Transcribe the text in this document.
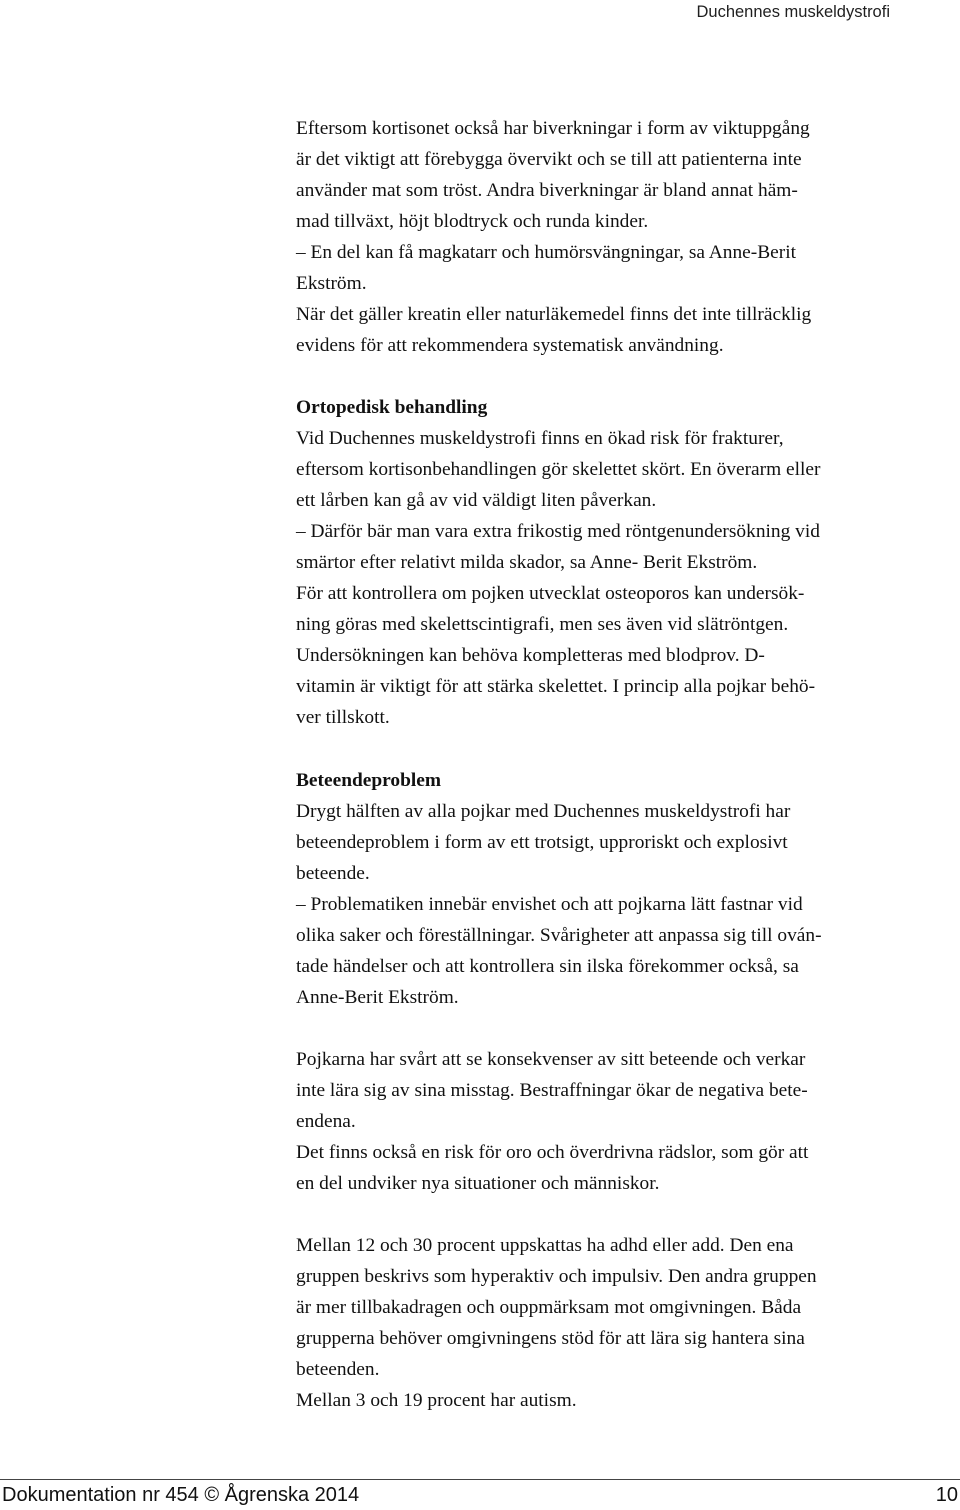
Duchennes muskeldystrofi

Eftersom kortisonet också har biverkningar i form av viktuppgång

är det viktigt att förebygga övervikt och se till att patienterna inte

använder mat som tröst. Andra biverkningar är bland annat häm-

mad tillväxt, höjt blodtryck och runda kinder.

– En del kan få magkatarr och humörsvängningar, sa Anne-Berit

Ekström.

När det gäller kreatin eller naturläkemedel finns det inte tillräcklig

evidens för att rekommendera systematisk användning.

Ortopedisk behandling

Vid Duchennes muskeldystrofi finns en ökad risk för frakturer,

eftersom kortisonbehandlingen gör skelettet skört. En överarm eller

ett lårben kan gå av vid väldigt liten påverkan.

– Därför bär man vara extra frikostig med röntgenundersökning vid

smärtor efter relativt milda skador, sa Anne- Berit Ekström.

För att kontrollera om pojken utvecklat osteoporos kan undersök-

ning göras med skelettscintigrafi, men ses även vid slätröntgen.

Undersökningen kan behöva kompletteras med blodprov. D-

vitamin är viktigt för att stärka skelettet. I princip alla pojkar behö-

ver tillskott.

Beteendeproblem

Drygt hälften av alla pojkar med Duchennes muskeldystrofi har

beteendeproblem i form av ett trotsigt, upproriskt och explosivt

beteende.

– Problematiken innebär envishet och att pojkarna lätt fastnar vid

olika saker och föreställningar. Svårigheter att anpassa sig till ován-

tade händelser och att kontrollera sin ilska förekommer också, sa

Anne-Berit Ekström.

Pojkarna har svårt att se konsekvenser av sitt beteende och verkar

inte lära sig av sina misstag. Bestraffningar ökar de negativa bete-

endena.

Det finns också en risk för oro och överdrivna rädslor, som gör att

en del undviker nya situationer och människor.

Mellan 12 och 30 procent uppskattas ha adhd eller add. Den ena

gruppen beskrivs som hyperaktiv och impulsiv. Den andra gruppen

är mer tillbakadragen och ouppmärksam mot omgivningen. Båda

grupperna behöver omgivningens stöd för att lära sig hantera sina

beteenden.

Mellan 3 och 19 procent har autism.

Dokumentation nr 454 © Ågrenska 2014	10
